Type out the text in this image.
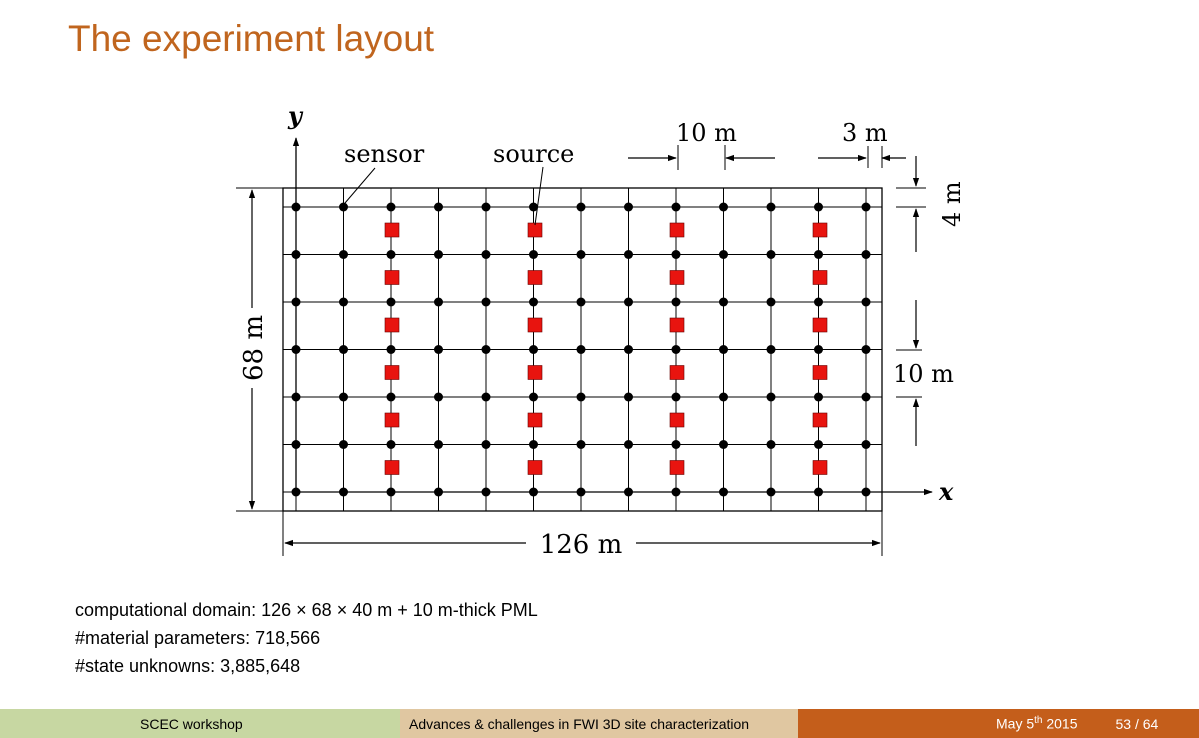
The experiment layout
y
x
sensor	source
10 m	3 m
4 m
10 m
68 m
126 m
computational domain: 126 × 68 × 40 m + 10 m-thick PML
#material parameters: 718,566
#state unknowns: 3,885,648
SCEC workshop	Advances & challenges in FWI 3D site characterization	May 5th 2015	53 / 64
